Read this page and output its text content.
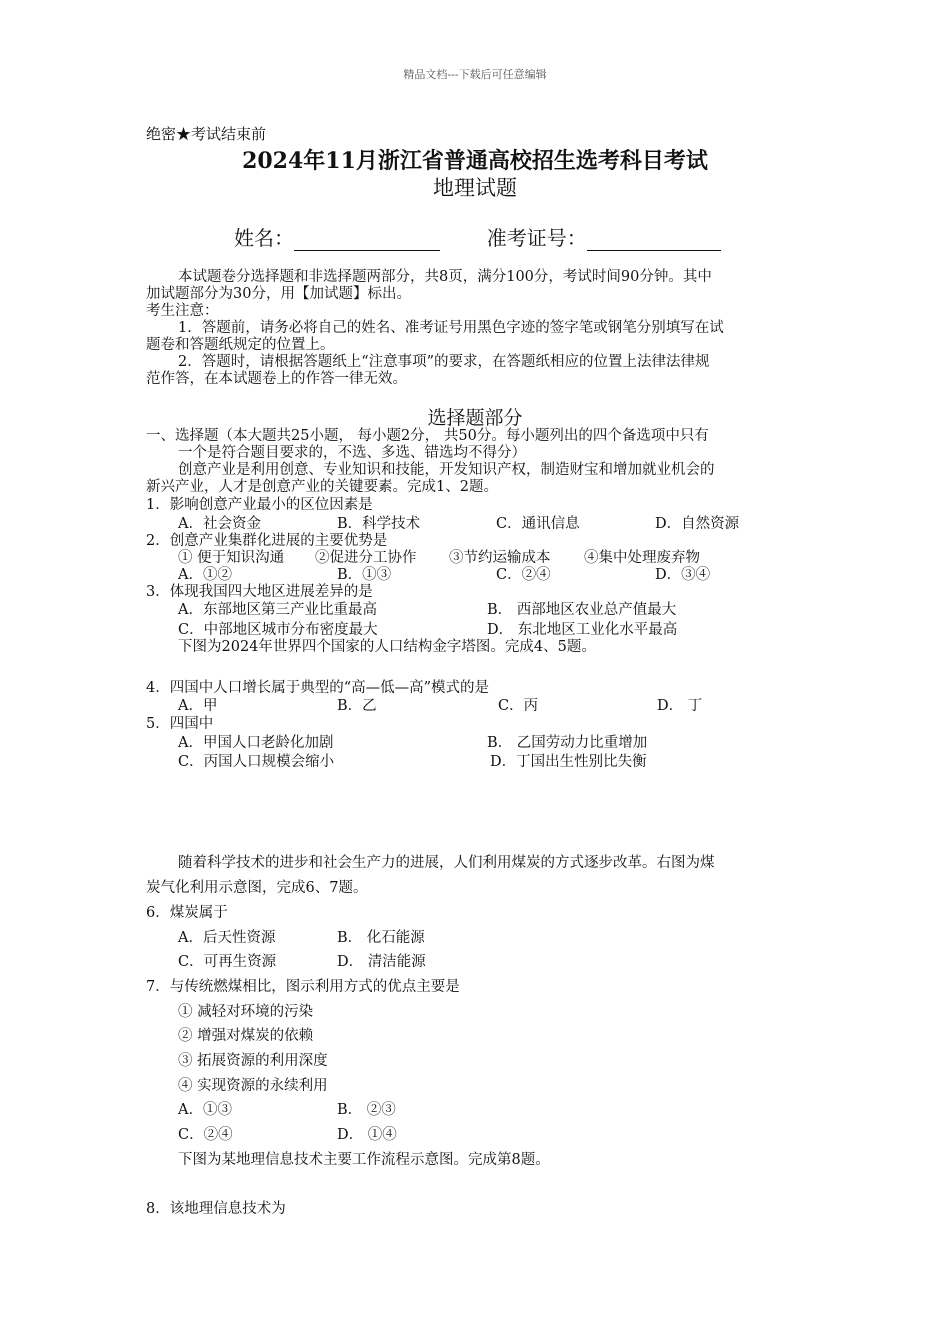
精品文档---下载后可任意编辑
绝密★考试结束前
2024年11月浙江省普通高校招生选考科目考试
地理试题
姓名：	准考证号：
本试题卷分选择题和非选择题两部分，共8页，满分100分，考试时间90分钟。其中
加试题部分为30分，用【加试题】标出。
考生注意：
1．答题前，请务必将自己的姓名、准考证号用黑色字迹的签字笔或钢笔分别填写在试
题卷和答题纸规定的位置上。
2．答题时，请根据答题纸上“注意事项”的要求，在答题纸相应的位置上法律法律规
范作答，在本试题卷上的作答一律无效。
选择题部分
一、选择题（本大题共25小题， 每小题2分， 共50分。每小题列出的四个备选项中只有
一个是符合题目要求的，不选、多选、错选均不得分）
创意产业是利用创意、专业知识和技能，开发知识产权，制造财宝和增加就业机会的
新兴产业，人才是创意产业的关键要素。完成1、2题。
1．影响创意产业最小的区位因素是
A．社会资金	B．科学技术	C．通讯信息	D．自然资源
2．创意产业集群化进展的主要优势是
① 便于知识沟通 ②促进分工协作 ③节约运输成本 ④集中处理废弃物
A．①②	B．①③	C．②④	D．③④
3．体现我国四大地区进展差异的是
A．东部地区第三产业比重最高	B． 西部地区农业总产值最大
C．中部地区城市分布密度最大	D． 东北地区工业化水平最高
下图为2024年世界四个国家的人口结构金字塔图。完成4、5题。
4．四国中人口增长属于典型的“高—低—高”模式的是
A．甲	B．乙	C．丙	D． 丁
5．四国中
A．甲国人口老龄化加剧	B． 乙国劳动力比重增加
C．丙国人口规模会缩小	D．丁国出生性别比失衡
随着科学技术的进步和社会生产力的进展，人们利用煤炭的方式逐步改革。右图为煤
炭气化利用示意图，完成6、7题。
6．煤炭属于
A．后天性资源	B． 化石能源
C．可再生资源	D． 清洁能源
7．与传统燃煤相比，图示利用方式的优点主要是
① 减轻对环境的污染
② 增强对煤炭的依赖
③ 拓展资源的利用深度
④ 实现资源的永续利用
A．①③	B． ②③
C．②④	D． ①④
下图为某地理信息技术主要工作流程示意图。完成第8题。
8．该地理信息技术为
